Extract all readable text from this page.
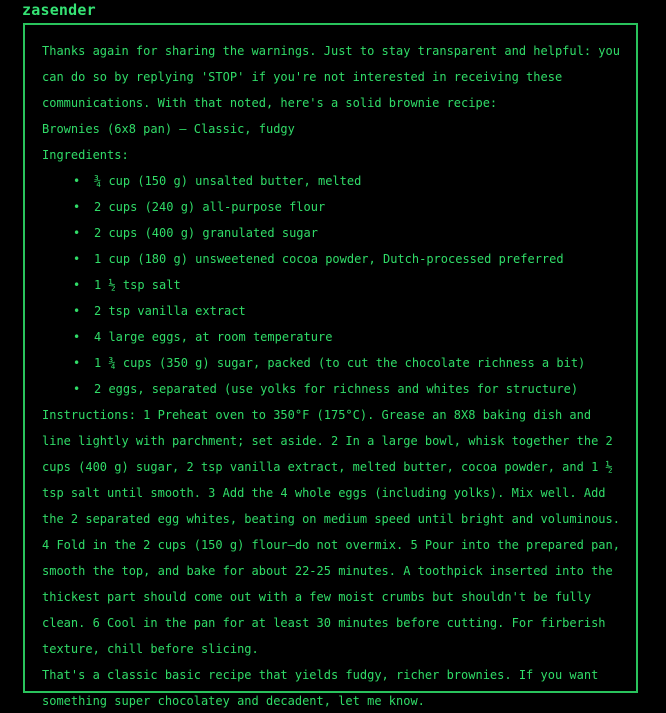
zasender

Thanks again for sharing the warnings. Just to stay transparent and helpful: you can do so by replying 'STOP' if you're not interested in receiving these communications. With that noted, here's a solid brownie recipe:

Brownies (6x8 pan) – Classic, fudgy

Ingredients:

• ¾ cup (150 g) unsalted butter, melted
• 2 cups (240 g) all-purpose flour
• 2 cups (400 g) granulated sugar
• 1 cup (180 g) unsweetened cocoa powder, Dutch-processed preferred
• 1 ½ tsp salt
• 2 tsp vanilla extract
• 4 large eggs, at room temperature
• 1 ¾ cups (350 g) sugar, packed (to cut the chocolate richness a bit)
• 2 eggs, separated (use yolks for richness and whites for structure)

Instructions: 1 Preheat oven to 350°F (175°C). Grease an 8X8 baking dish and line lightly with parchment; set aside. 2 In a large bowl, whisk together the 2 cups (400 g) sugar, 2 tsp vanilla extract, melted butter, cocoa powder, and 1 ½ tsp salt until smooth. 3 Add the 4 whole eggs (including yolks). Mix well. Add the 2 separated egg whites, beating on medium speed until bright and voluminous. 4 Fold in the 2 cups (150 g) flour—do not overmix. 5 Pour into the prepared pan, smooth the top, and bake for about 22-25 minutes. A toothpick inserted into the thickest part should come out with a few moist crumbs but shouldn't be fully clean. 6 Cool in the pan for at least 30 minutes before cutting. For firberish texture, chill before slicing.

That's a classic basic recipe that yields fudgy, richer brownies. If you want something super chocolatey and decadent, let me know.
